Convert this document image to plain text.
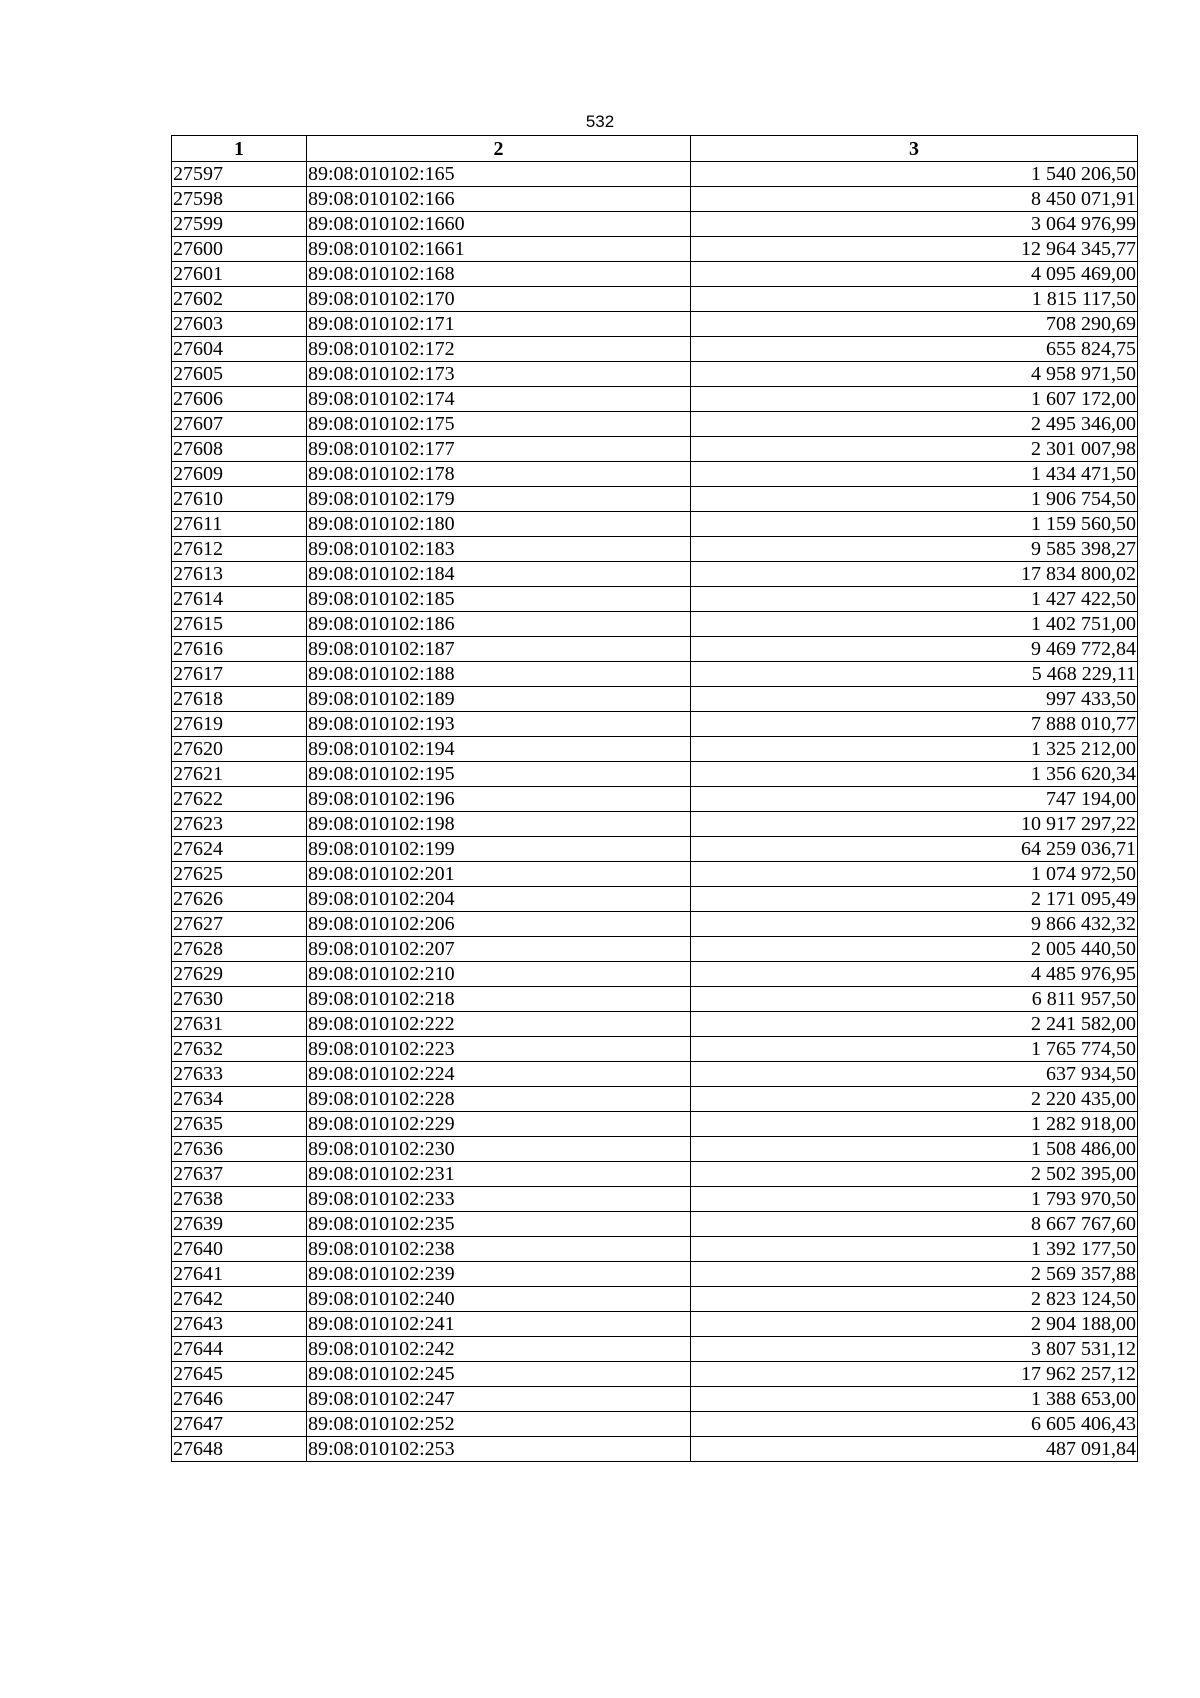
532
1	2	3
27597	89:08:010102:165	1 540 206,50
27598	89:08:010102:166	8 450 071,91
27599	89:08:010102:1660	3 064 976,99
27600	89:08:010102:1661	12 964 345,77
27601	89:08:010102:168	4 095 469,00
27602	89:08:010102:170	1 815 117,50
27603	89:08:010102:171	708 290,69
27604	89:08:010102:172	655 824,75
27605	89:08:010102:173	4 958 971,50
27606	89:08:010102:174	1 607 172,00
27607	89:08:010102:175	2 495 346,00
27608	89:08:010102:177	2 301 007,98
27609	89:08:010102:178	1 434 471,50
27610	89:08:010102:179	1 906 754,50
27611	89:08:010102:180	1 159 560,50
27612	89:08:010102:183	9 585 398,27
27613	89:08:010102:184	17 834 800,02
27614	89:08:010102:185	1 427 422,50
27615	89:08:010102:186	1 402 751,00
27616	89:08:010102:187	9 469 772,84
27617	89:08:010102:188	5 468 229,11
27618	89:08:010102:189	997 433,50
27619	89:08:010102:193	7 888 010,77
27620	89:08:010102:194	1 325 212,00
27621	89:08:010102:195	1 356 620,34
27622	89:08:010102:196	747 194,00
27623	89:08:010102:198	10 917 297,22
27624	89:08:010102:199	64 259 036,71
27625	89:08:010102:201	1 074 972,50
27626	89:08:010102:204	2 171 095,49
27627	89:08:010102:206	9 866 432,32
27628	89:08:010102:207	2 005 440,50
27629	89:08:010102:210	4 485 976,95
27630	89:08:010102:218	6 811 957,50
27631	89:08:010102:222	2 241 582,00
27632	89:08:010102:223	1 765 774,50
27633	89:08:010102:224	637 934,50
27634	89:08:010102:228	2 220 435,00
27635	89:08:010102:229	1 282 918,00
27636	89:08:010102:230	1 508 486,00
27637	89:08:010102:231	2 502 395,00
27638	89:08:010102:233	1 793 970,50
27639	89:08:010102:235	8 667 767,60
27640	89:08:010102:238	1 392 177,50
27641	89:08:010102:239	2 569 357,88
27642	89:08:010102:240	2 823 124,50
27643	89:08:010102:241	2 904 188,00
27644	89:08:010102:242	3 807 531,12
27645	89:08:010102:245	17 962 257,12
27646	89:08:010102:247	1 388 653,00
27647	89:08:010102:252	6 605 406,43
27648	89:08:010102:253	487 091,84
